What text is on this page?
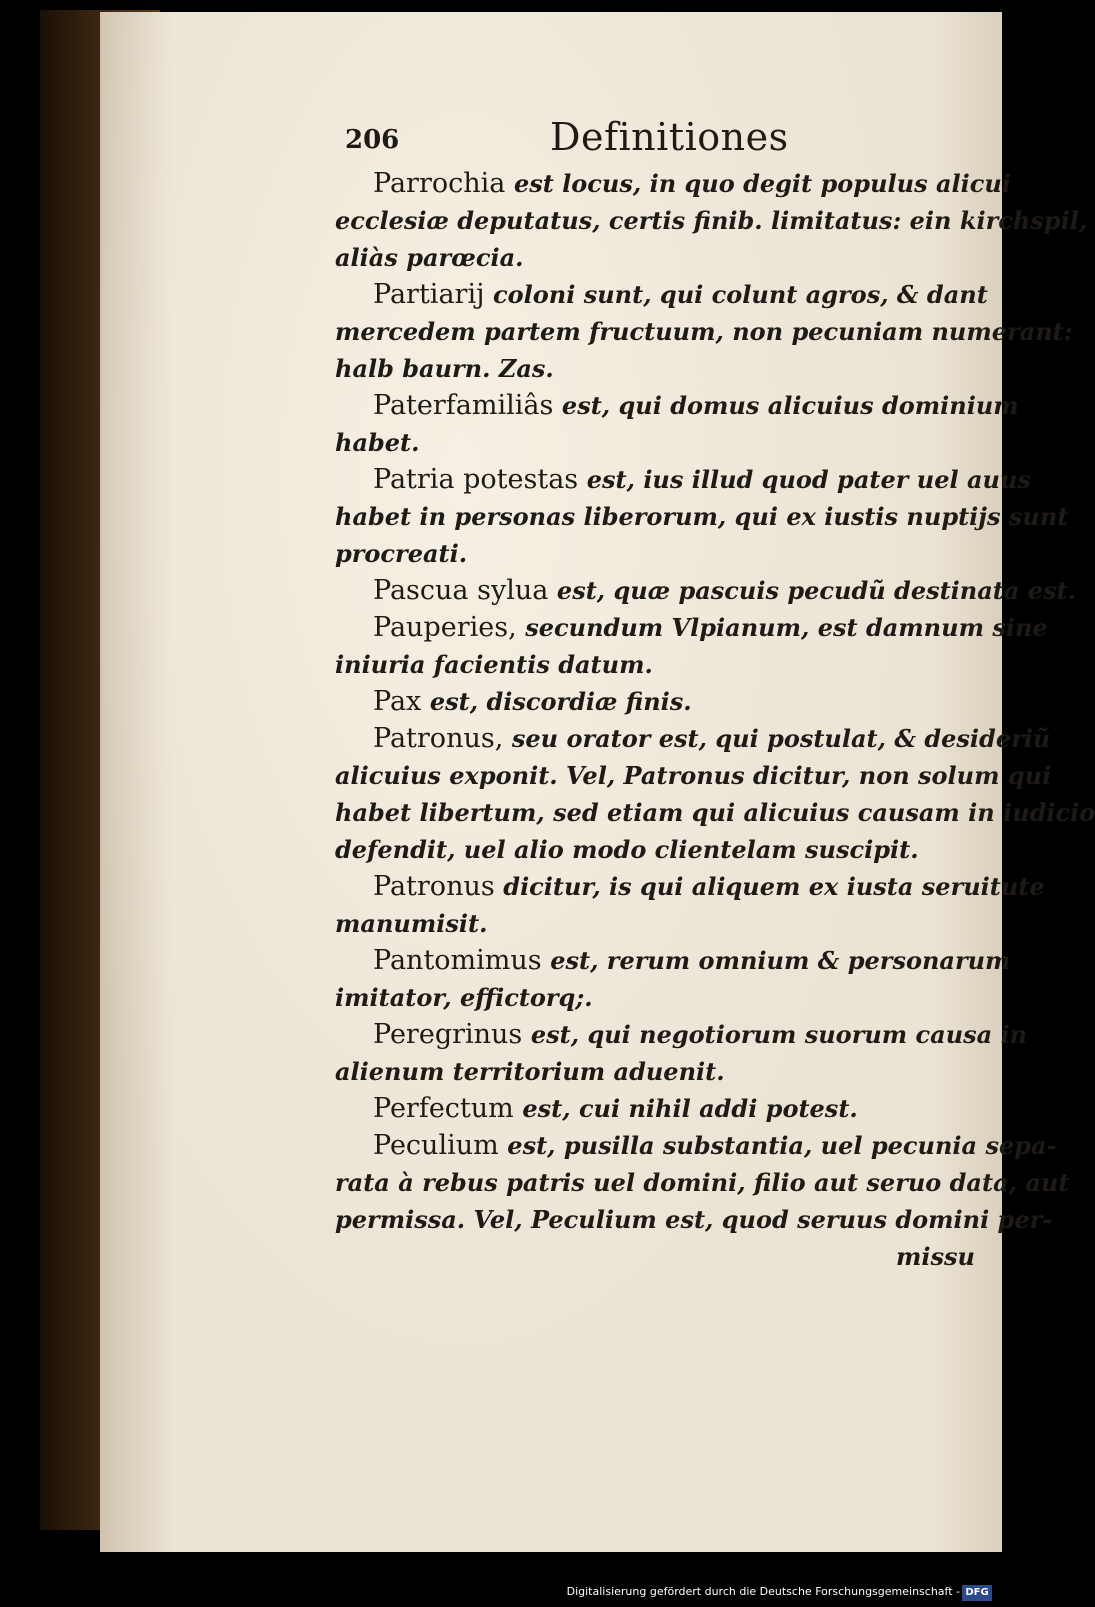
206	Definitiones
Parrochia est locus, in quo degit populus alicui
ecclesiæ deputatus, certis finib. limitatus: ein kirchspil,
aliàs parœcia.
Partiarij coloni sunt, qui colunt agros, & dant
mercedem partem fructuum, non pecuniam numerant:
halb baurn. Zas.
Paterfamiliâs est, qui domus alicuius dominium
habet.
Patria potestas est, ius illud quod pater uel auus
habet in personas liberorum, qui ex iustis nuptijs sunt
procreati.
Pascua sylua est, quæ pascuis pecudũ destinata est.
Pauperies, secundum Vlpianum, est damnum sine
iniuria facientis datum.
Pax est, discordiæ finis.
Patronus, seu orator est, qui postulat, & desideriũ
alicuius exponit. Vel, Patronus dicitur, non solum qui
habet libertum, sed etiam qui alicuius causam in iudicio
defendit, uel alio modo clientelam suscipit.
Patronus dicitur, is qui aliquem ex iusta seruitute
manumisit.
Pantomimus est, rerum omnium & personarum
imitator, effictorq;.
Peregrinus est, qui negotiorum suorum causa in
alienum territorium aduenit.
Perfectum est, cui nihil addi potest.
Peculium est, pusilla substantia, uel pecunia sepa-
rata à rebus patris uel domini, filio aut seruo data, aut
permissa. Vel, Peculium est, quod seruus domini per-
missu
Digitalisierung gefördert durch die Deutsche Forschungsgemeinschaft - DFG
